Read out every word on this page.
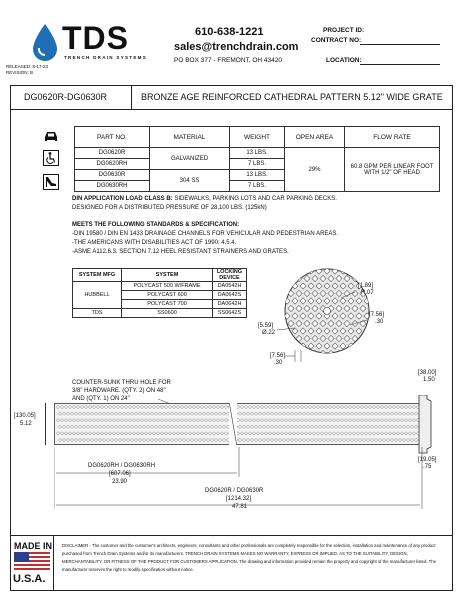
TDS
TRENCH DRAIN SYSTEMS
RELEASED: 8-17-23
REVISION: B
610-638-1221
sales@trenchdrain.com
PO BOX 377 - FREMONT, OH 43420
PROJECT ID:
CONTRACT NO:
LOCATION:
DG0620R-DG0630R	BRONZE AGE REINFORCED CATHEDRAL PATTERN 5.12" WIDE GRATE
PART NO.	MATERIAL	WEIGHT	OPEN AREA	FLOW RATE
DG0620R	GALVANIZED	13 LBS.	29%	60.8 GPM PER LINEAR FOOT WITH 1/2" OF HEAD
DG0620RH		7 LBS.		
DG0630R	304 SS	13 LBS.		
DG0630RH		7 LBS.		
DIN APPLICATION LOAD CLASS B: SIDEWALKS, PARKING LOTS AND CAR PARKING DECKS.
DESIGNED FOR A DISTRIBUTED PRESSURE OF 28,100 LBS. (125kN)
MEETS THE FOLLOWING STANDARDS & SPECIFICATION:
-DIN 19580 / DIN EN 1433 DRAINAGE CHANNELS FOR VEHICULAR AND PEDESTRIAN AREAS.
-THE AMERICANS WITH DISABILITIES ACT OF 1990: 4.5.4.
-ASME A112.6.3. SECTION 7.12 HEEL RESISTANT STRAINERS AND GRATES.
SYSTEM MFG	SYSTEM	LOCKING DEVICE
HUBBELL	POLYCAST 500 W/FRAME	DA0542H
	POLYCAST 600	DA0642S
	POLYCAST 700	DA0642H
TDS	SS0600	SS0642S
[1.89]
R.07
[7.56]
.30
[5.59]
Ø.22
[7.56]
.30
COUNTER-SUNK THRU HOLE FOR
3/8" HARDWARE. (QTY. 2) ON 48"
AND (QTY. 1) ON 24"
[130.05]
5.12
[38.00]
1.50
[19.05]
.75
DG0620RH / DG0630RH
[607.06]
23.90
DG0620R / DG0630R
[1214.32]
47.81
MADE IN
U.S.A.
DISCLAIMER - The customer and the customer's architects, engineers, consultants and other professionals are completely responsible for the selection, installation and maintenance of any product purchased from Trench Drain Systems and/or its manufacturers. TRENCH DRAIN SYSTEMS MAKES NO WARRANTY, EXPRESS OR IMPLIED, AS TO THE SUITABILITY, DESIGN, MERCHANTABILITY, OR FITNESS OF THE PRODUCT FOR CUSTOMERS APPLICATION. The drawing and information provided remain the property and copyright of the manufacturer listed. The manufacturer reserves the right to modify specification without notice.
